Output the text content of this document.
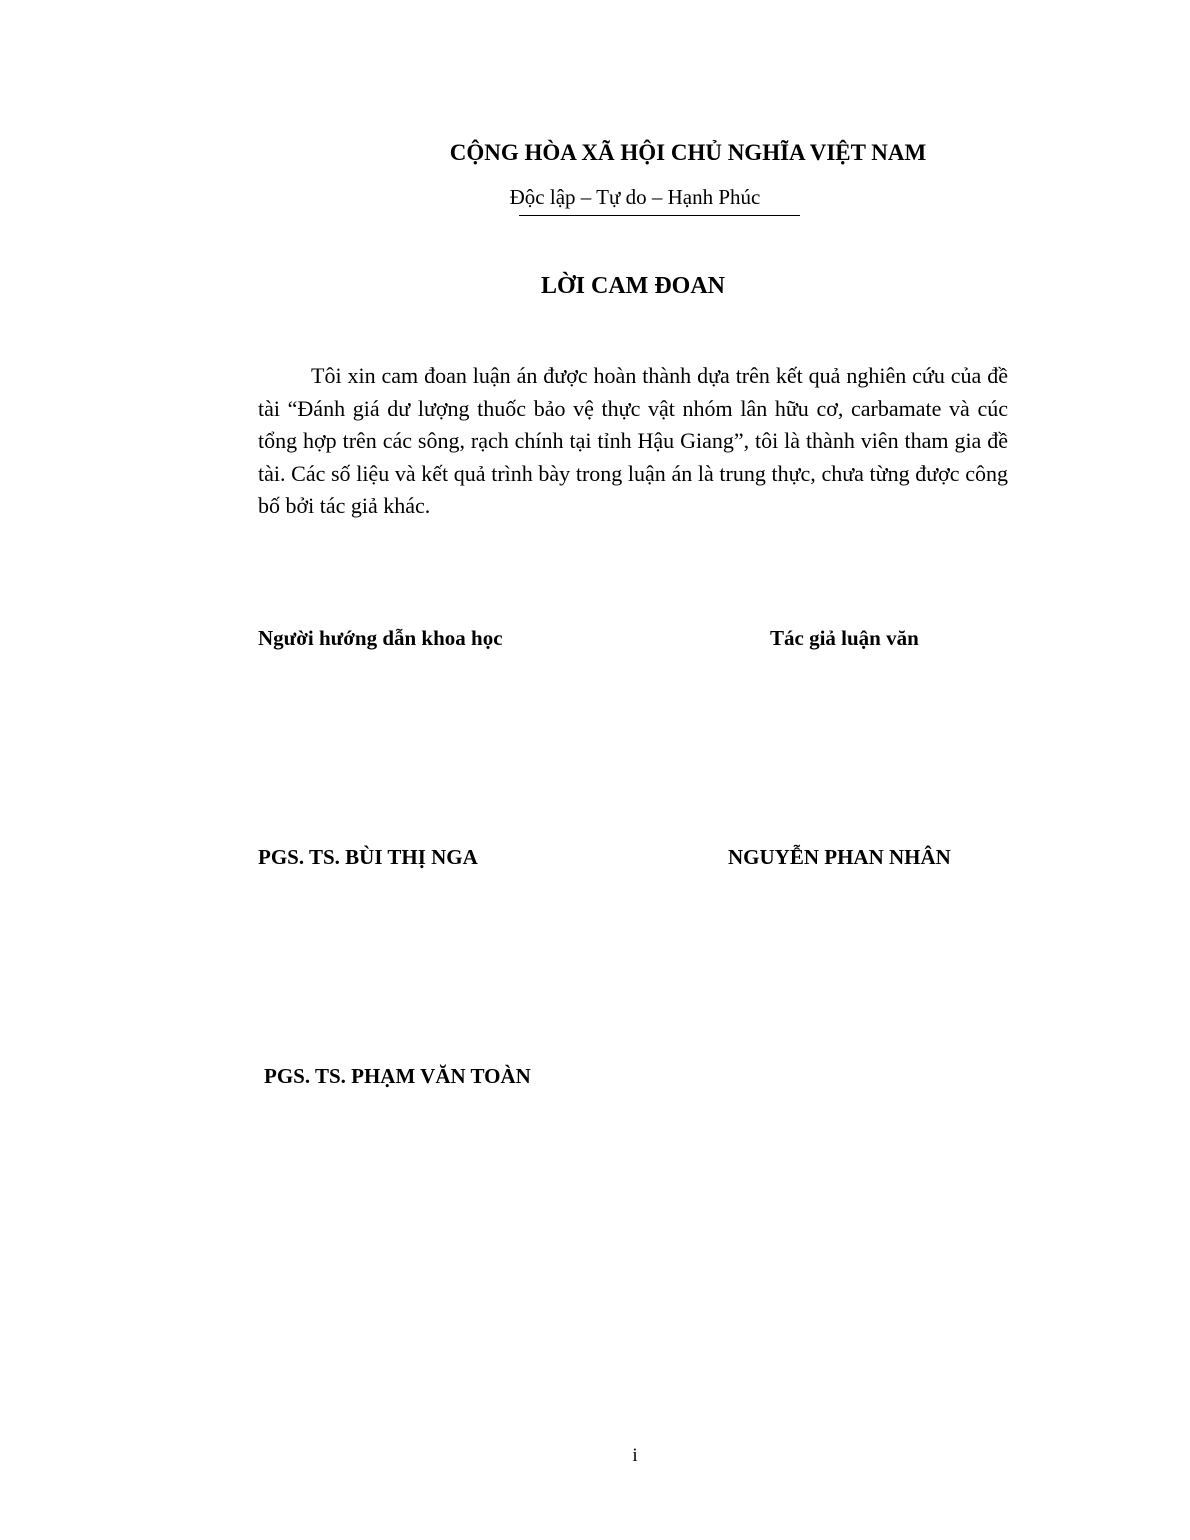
CỘNG HÒA XÃ HỘI CHỦ NGHĨA VIỆT NAM
Độc lập – Tự do – Hạnh Phúc
LỜI CAM ĐOAN
Tôi xin cam đoan luận án được hoàn thành dựa trên kết quả nghiên cứu của đề tài “Đánh giá dư lượng thuốc bảo vệ thực vật nhóm lân hữu cơ, carbamate và cúc tổng hợp trên các sông, rạch chính tại tỉnh Hậu Giang”, tôi là thành viên tham gia đề tài. Các số liệu và kết quả trình bày trong luận án là trung thực, chưa từng được công bố bởi tác giả khác.
Người hướng dẫn khoa học	Tác giả luận văn
PGS. TS. BÙI THỊ NGA	NGUYỄN PHAN NHÂN
PGS. TS. PHẠM VĂN TOÀN
i
